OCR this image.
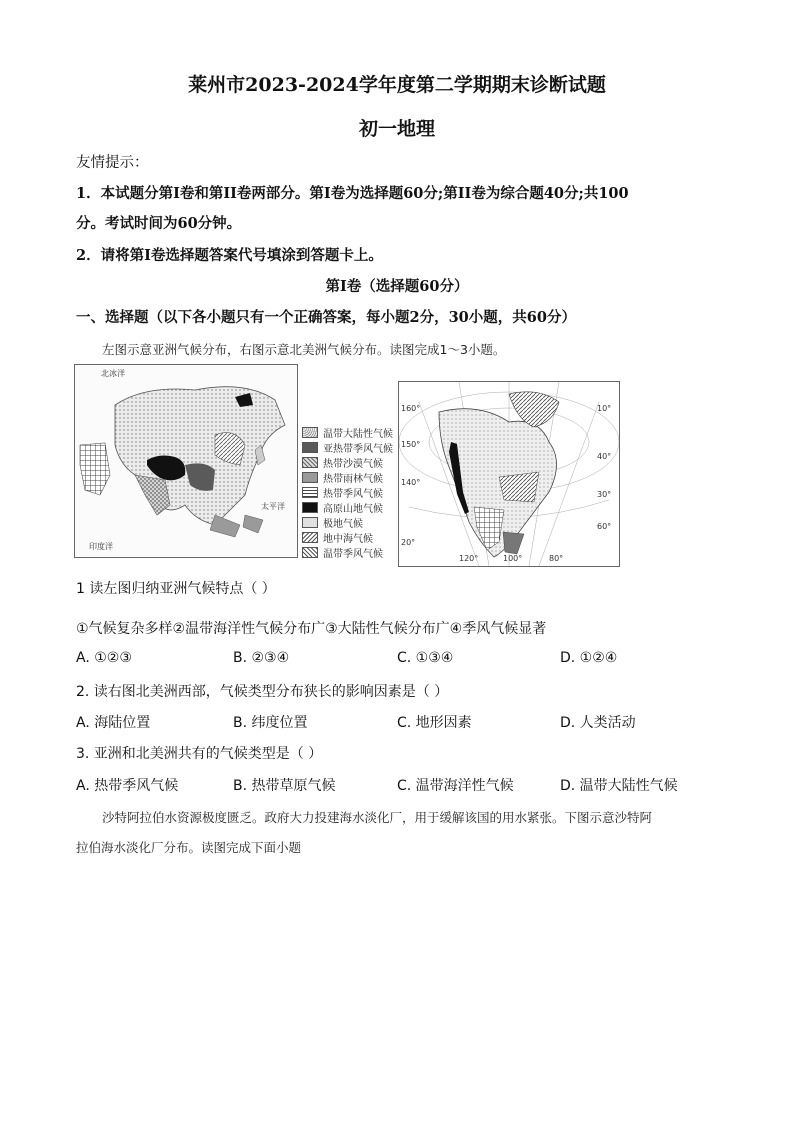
莱州市2023-2024学年度第二学期期末诊断试题
初一地理
友情提示：
1．本试题分第Ⅰ卷和第II卷两部分。第Ⅰ卷为选择题60分;第II卷为综合题40分;共100
分。考试时间为60分钟。
2．请将第Ⅰ卷选择题答案代号填涂到答题卡上。
第Ⅰ卷（选择题60分）
一、选择题（以下各小题只有一个正确答案，每小题2分，30小题，共60分）
左图示意亚洲气候分布，右图示意北美洲气候分布。读图完成1～3小题。
北冰洋
太平洋
印度洋
温带大陆性气候
亚热带季风气候
热带沙漠气候
热带雨林气候
热带季风气候
高原山地气候
极地气候
地中海气候
温带季风气候
160°
150°
140°
20°
10°
40°
30°
60°
120°	100°	80°
1 读左图归纳亚洲气候特点（ ）
①气候复杂多样②温带海洋性气候分布广③大陆性气候分布广④季风气候显著
A. ①②③	B. ②③④	C. ①③④	D. ①②④
2. 读右图北美洲西部，气候类型分布狭长的影响因素是（ ）
A. 海陆位置	B. 纬度位置	C. 地形因素	D. 人类活动
3. 亚洲和北美洲共有的气候类型是（ ）
A. 热带季风气候	B. 热带草原气候	C. 温带海洋性气候	D. 温带大陆性气候
沙特阿拉伯水资源极度匮乏。政府大力投建海水淡化厂，用于缓解该国的用水紧张。下图示意沙特阿
拉伯海水淡化厂分布。读图完成下面小题
